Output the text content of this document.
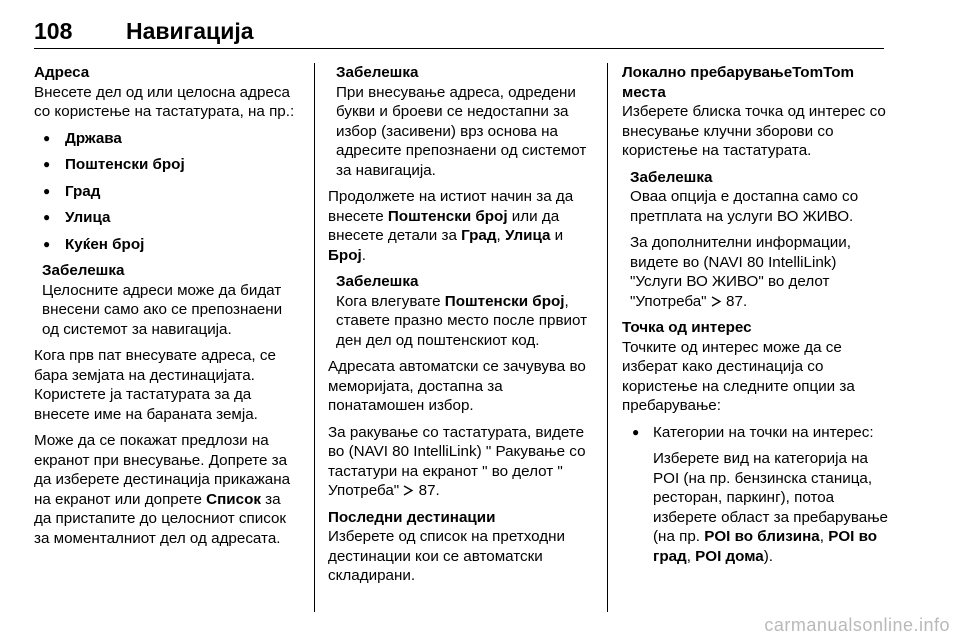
108 Навигација
Адреса
Внесете дел од или целосна адреса со користење на тастатурата, на пр.:
● Држава
● Поштенски број
● Град
● Улица
● Куќен број
Забелешка
Целосните адреси може да бидат внесени само ако се препознаени од системот за навигација.

Кога прв пат внесувате адреса, се бара земјата на дестинацијата. Користете ја тастатурата за да внесете име на бараната земја.

Може да се покажат предлози на екранот при внесување. Допрете за да изберете дестинација прикажана на екранот или допрете Список за да пристапите до целосниот список за моменталниот дел од адресата.

Забелешка
При внесување адреса, одредени букви и броеви се недостапни за избор (засивени) врз основа на адресите препознаени од системот за навигација.

Продолжете на истиот начин за да внесете Поштенски број или да внесете детали за Град, Улица и Број.

Забелешка
Кога влегувате Поштенски број, ставете празно место после првиот ден дел од поштенскиот код.

Адресата автоматски се зачувува во меморијата, достапна за понатамошен избор.

За ракување со тастатурата, видете во (NAVI 80 IntelliLink) " Ракување со тастатури на екранот " во делот " Употреба" 87.

Последни дестинации
Изберете од список на претходни дестинации кои се автоматски складирани.
Локално пребарувањеTomTom места
Изберете блиска точка од интерес со внесување клучни зборови со користење на тастатурата.
Забелешка

Оваа опција е достапна само со претплата на услуги ВО ЖИВО.

За дополнителни информации, видете во (NAVI 80 IntelliLink) "Услуги ВО ЖИВО" во делот "Употреба" 87.
Точка од интерес
Точките од интерес може да се изберат како дестинација со користење на следните опции за пребарување:
● Категории на точки на интерес:
Изберете вид на категорија на POI (на пр. бензинска станица, ресторан, паркинг), потоа изберете област за пребарување (на пр. POI во близина, POI во град, POI дома).
carmanualsonline.info
